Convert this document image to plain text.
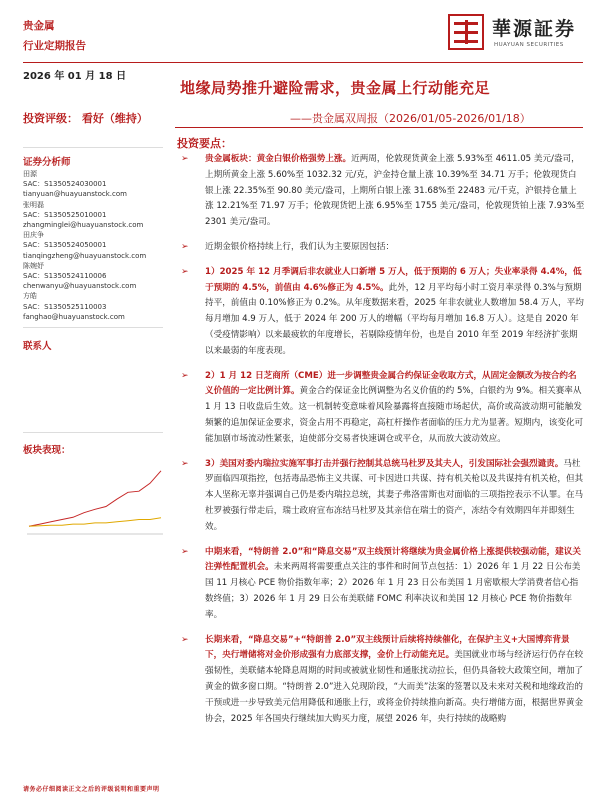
贵金属
行业定期报告
華源証券
HUAYUAN SECURITIES
2026 年 01 月 18 日
地缘局势推升避险需求，贵金属上行动能充足
投资评级： 看好（维持）	——贵金属双周报（2026/01/05-2026/01/18）
投资要点：
证券分析师
田源
SAC：S1350524030001
tianyuan@huayuanstock.com
张明磊
SAC：S1350525010001
zhangminglei@huayuanstock.com
田庆争
SAC：S1350524050001
tianqingzheng@huayuanstock.com
陈婉妤
SAC：S1350524110006
chenwanyu@huayuanstock.com
方皓
SAC：S1350525110003
fanghao@huayuanstock.com
联系人
板块表现：
➢ 贵金属板块：黄金白银价格强势上涨。近两周，伦敦现货黄金上涨 5.93%至 4611.05 美元/盎司，上期所黄金上涨 5.60%至 1032.32 元/克，沪金持仓量上涨 10.39%至 34.71 万手；伦敦现货白银上涨 22.35%至 90.80 美元/盎司，上期所白银上涨 31.68%至 22483 元/千克，沪银持仓量上涨 12.21%至 71.97 万手；伦敦现货钯上涨 6.95%至 1755 美元/盎司，伦敦现货铂上涨 7.93%至 2301 美元/盎司。
➢ 近期金银价格持续上行，我们认为主要原因包括：
➢ 1）2025 年 12 月季调后非农就业人口新增 5 万人，低于预期的 6 万人；失业率录得 4.4%，低于预期的 4.5%，前值由 4.6%修正为 4.5%。此外，12 月平均每小时工资月率录得 0.3%与预期持平，前值由 0.10%修正为 0.2%。从年度数据来看，2025 年非农就业人数增加 58.4 万人，平均每月增加 4.9 万人，低于 2024 年 200 万人的增幅（平均每月增加 16.8 万人）。这是自 2020 年（受疫情影响）以来最疲软的年度增长，若剔除疫情年份，也是自 2010 年至 2019 年经济扩张期以来最弱的年度表现。
➢ 2）1 月 12 日芝商所（CME）进一步调整贵金属合约保证金收取方式，从固定金额改为按合约名义价值的一定比例计算。黄金合约保证金比例调整为名义价值的约 5%，白银约为 9%。相关赛率从 1 月 13 日收盘后生效。这一机制转变意味着风险暴露将直接随市场起伏，高价或高波动期可能触发频繁的追加保证金要求，资金占用不再稳定，高杠杆操作者面临的压力尤为显著。短期内，该变化可能加剧市场流动性紧张，迫使部分交易者快速调仓或平仓，从而放大波动效应。
➢ 3）美国对委内瑞拉实施军事打击并强行控制其总统马杜罗及其夫人，引发国际社会强烈谴责。马杜罗面临四项指控，包括毒品恐怖主义共谋、可卡因进口共谋、持有机关枪以及共谋持有机关枪，但其本人坚称无辜并强调自己仍是委内瑞拉总统，其妻子弗洛雷斯也对面临的三项指控表示不认罪。在马杜罗被强行带走后，瑞士政府宣布冻结马杜罗及其亲信在瑞士的资产，冻结令有效期四年并即刻生效。
➢ 中期来看，“特朗普 2.0”和“降息交易”双主线预计将继续为贵金属价格上涨提供较强动能，建议关注弹性配置机会。未来两周将需要重点关注的事件和时间节点包括：1）2026 年 1 月 22 日公布美国 11 月核心 PCE 物价指数年率；2）2026 年 1 月 23 日公布美国 1 月密歇根大学消费者信心指数终值；3）2026 年 1 月 29 日公布美联储 FOMC 利率决议和美国 12 月核心 PCE 物价指数年率。
➢ 长期来看，“降息交易”+“特朗普 2.0”双主线预计后续将持续催化，在保护主义+大国博弈背景下，央行增储将对金价形成强有力底部支撑，金价上行动能充足。美国就业市场与经济运行仍存在较强韧性，美联储本轮降息周期的时间或被就业韧性和通胀扰动拉长，但仍具备较大政策空间，增加了黄金的做多窗口期。“特朗普 2.0”进入兑现阶段，“大而美”法案的签署以及未来对关税和地缘政治的干预或进一步导致美元信用降低和通胀上行，或将金价持续推向新高。央行增储方面，根据世界黄金协会，2025 年各国央行继续加大购买力度，展望 2026 年，央行持续的战略购
请务必仔细阅读正文之后的评级说明和重要声明
